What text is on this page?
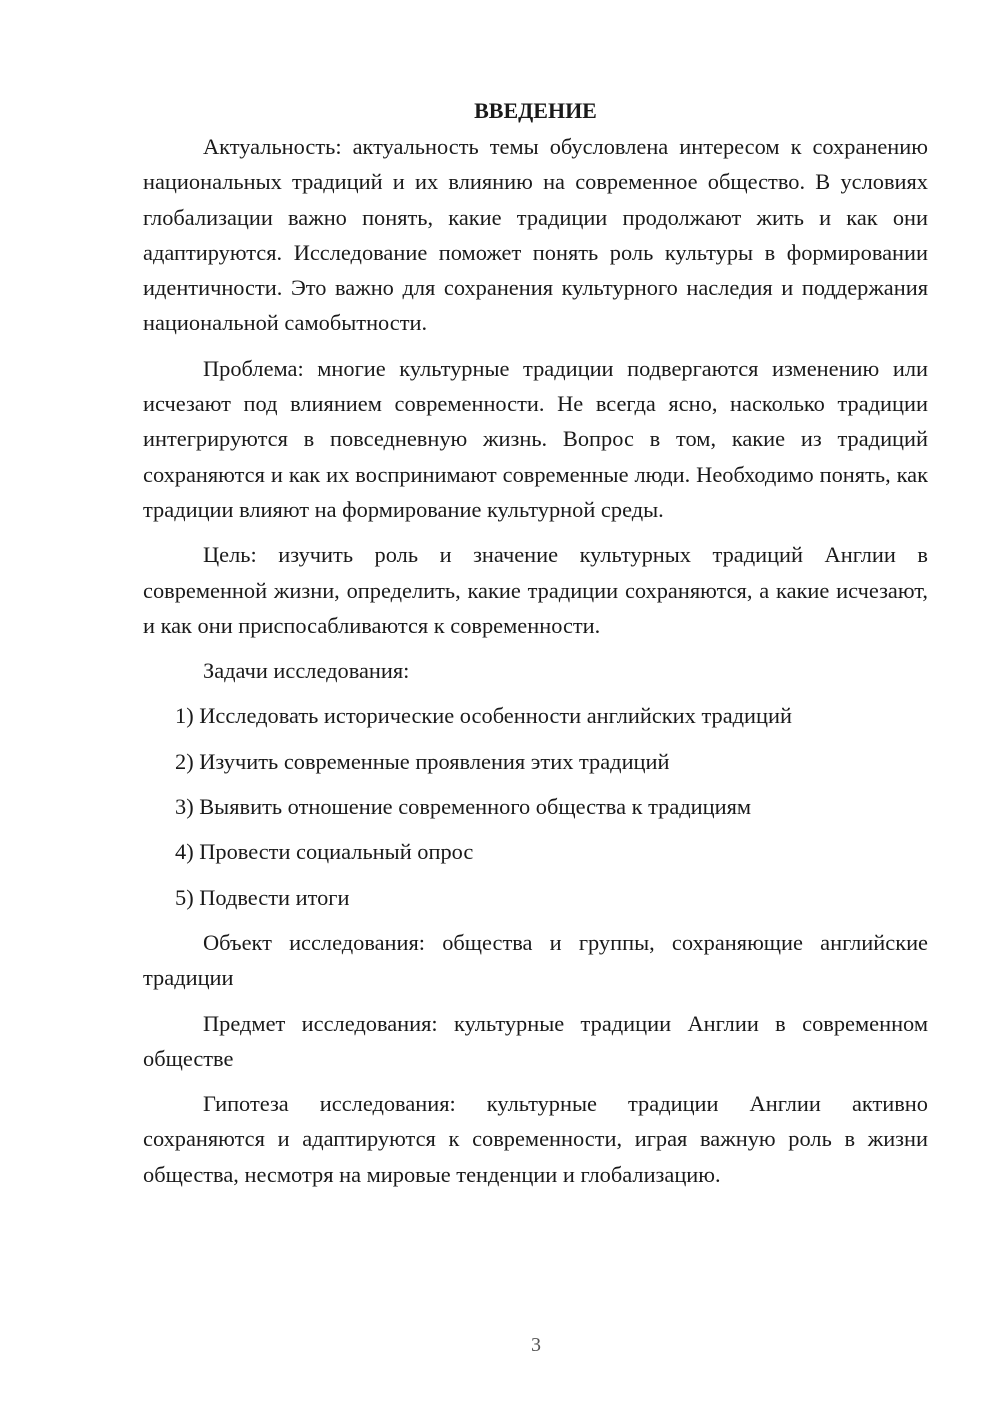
ВВЕДЕНИЕ

Актуальность: актуальность темы обусловлена интересом к сохранению национальных традиций и их влиянию на современное общество. В условиях глобализации важно понять, какие традиции продолжают жить и как они адаптируются. Исследование поможет понять роль культуры в формировании идентичности. Это важно для сохранения культурного наследия и поддержания национальной самобытности.

Проблема: многие культурные традиции подвергаются изменению или исчезают под влиянием современности. Не всегда ясно, насколько традиции интегрируются в повседневную жизнь. Вопрос в том, какие из традиций сохраняются и как их воспринимают современные люди. Необходимо понять, как традиции влияют на формирование культурной среды.

Цель: изучить роль и значение культурных традиций Англии в современной жизни, определить, какие традиции сохраняются, а какие исчезают, и как они приспосабливаются к современности.

Задачи исследования:
1) Исследовать исторические особенности английских традиций
2) Изучить современные проявления этих традиций
3) Выявить отношение современного общества к традициям
4) Провести социальный опрос
5) Подвести итоги

Объект исследования: общества и группы, сохраняющие английские традиции

Предмет исследования: культурные традиции Англии в современном обществе

Гипотеза исследования: культурные традиции Англии активно сохраняются и адаптируются к современности, играя важную роль в жизни общества, несмотря на мировые тенденции и глобализацию.

3
